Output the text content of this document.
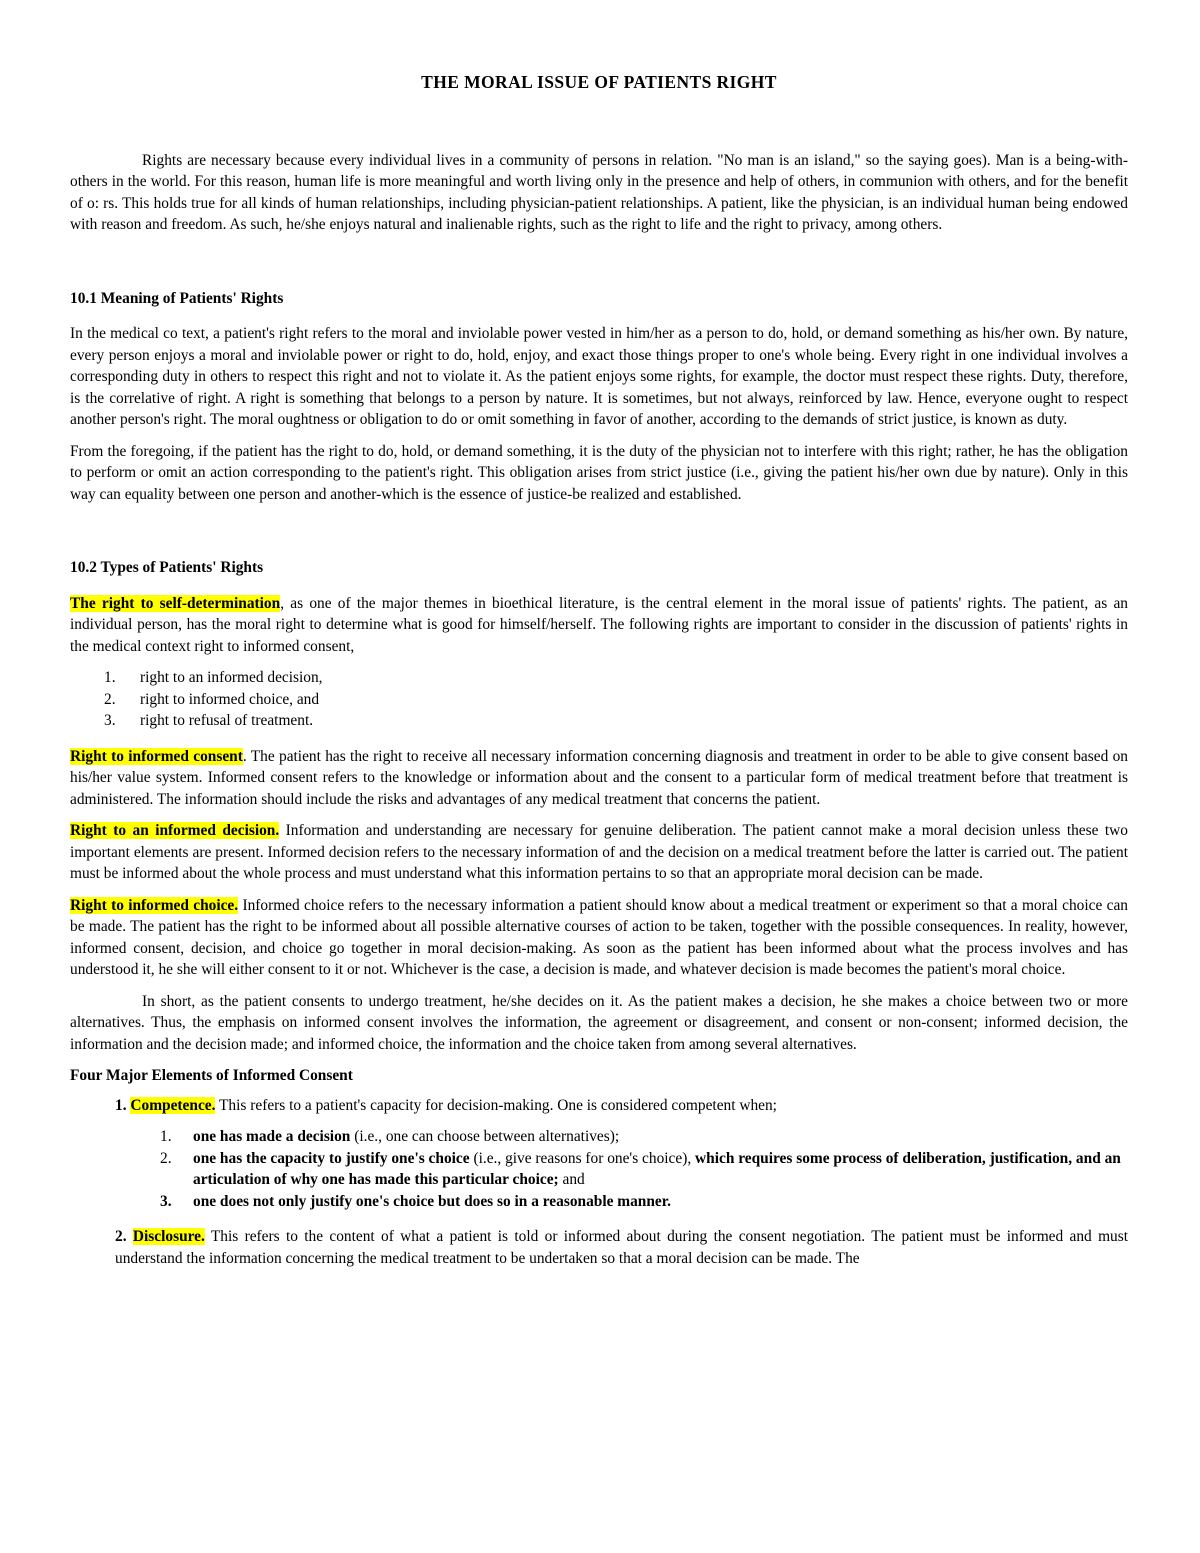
THE MORAL ISSUE OF PATIENTS RIGHT

Rights are necessary because every individual lives in a community of persons in relation. "No man is an island," so the saying goes). Man is a being-with-others in the world. For this reason, human life is more meaningful and worth living only in the presence and help of others, in communion with others, and for the benefit of o: rs. This holds true for all kinds of human relationships, including physician-patient relationships. A patient, like the physician, is an individual human being endowed with reason and freedom. As such, he/she enjoys natural and inalienable rights, such as the right to life and the right to privacy, among others.

10.1 Meaning of Patients' Rights

In the medical co text, a patient's right refers to the moral and inviolable power vested in him/her as a person to do, hold, or demand something as his/her own. By nature, every person enjoys a moral and inviolable power or right to do, hold, enjoy, and exact those things proper to one's whole being. Every right in one individual involves a corresponding duty in others to respect this right and not to violate it. As the patient enjoys some rights, for example, the doctor must respect these rights. Duty, therefore, is the correlative of right. A right is something that belongs to a person by nature. It is sometimes, but not always, reinforced by law. Hence, everyone ought to respect another person's right. The moral oughtness or obligation to do or omit something in favor of another, according to the demands of strict justice, is known as duty.

From the foregoing, if the patient has the right to do, hold, or demand something, it is the duty of the physician not to interfere with this right; rather, he has the obligation to perform or omit an action corresponding to the patient's right. This obligation arises from strict justice (i.e., giving the patient his/her own due by nature). Only in this way can equality between one person and another-which is the essence of justice-be realized and established.

10.2 Types of Patients' Rights

The right to self-determination, as one of the major themes in bioethical literature, is the central element in the moral issue of patients' rights. The patient, as an individual person, has the moral right to determine what is good for himself/herself. The following rights are important to consider in the discussion of patients' rights in the medical context right to informed consent,

1. right to an informed decision,
2. right to informed choice, and
3. right to refusal of treatment.

Right to informed consent. The patient has the right to receive all necessary information concerning diagnosis and treatment in order to be able to give consent based on his/her value system. Informed consent refers to the knowledge or information about and the consent to a particular form of medical treatment before that treatment is administered. The information should include the risks and advantages of any medical treatment that concerns the patient.

Right to an informed decision. Information and understanding are necessary for genuine deliberation. The patient cannot make a moral decision unless these two important elements are present. Informed decision refers to the necessary information of and the decision on a medical treatment before the latter is carried out. The patient must be informed about the whole process and must understand what this information pertains to so that an appropriate moral decision can be made.

Right to informed choice. Informed choice refers to the necessary information a patient should know about a medical treatment or experiment so that a moral choice can be made. The patient has the right to be informed about all possible alternative courses of action to be taken, together with the possible consequences. In reality, however, informed consent, decision, and choice go together in moral decision-making. As soon as the patient has been informed about what the process involves and has understood it, he she will either consent to it or not. Whichever is the case, a decision is made, and whatever decision is made becomes the patient's moral choice.

In short, as the patient consents to undergo treatment, he/she decides on it. As the patient makes a decision, he she makes a choice between two or more alternatives. Thus, the emphasis on informed consent involves the information, the agreement or disagreement, and consent or non-consent; informed decision, the information and the decision made; and informed choice, the information and the choice taken from among several alternatives.

Four Major Elements of Informed Consent

1. Competence. This refers to a patient's capacity for decision-making. One is considered competent when;

1. one has made a decision (i.e., one can choose between alternatives);
2. one has the capacity to justify one's choice (i.e., give reasons for one's choice), which requires some process of deliberation, justification, and an articulation of why one has made this particular choice; and
3. one does not only justify one's choice but does so in a reasonable manner.

2. Disclosure. This refers to the content of what a patient is told or informed about during the consent negotiation. The patient must be informed and must understand the information concerning the medical treatment to be undertaken so that a moral decision can be made. The
